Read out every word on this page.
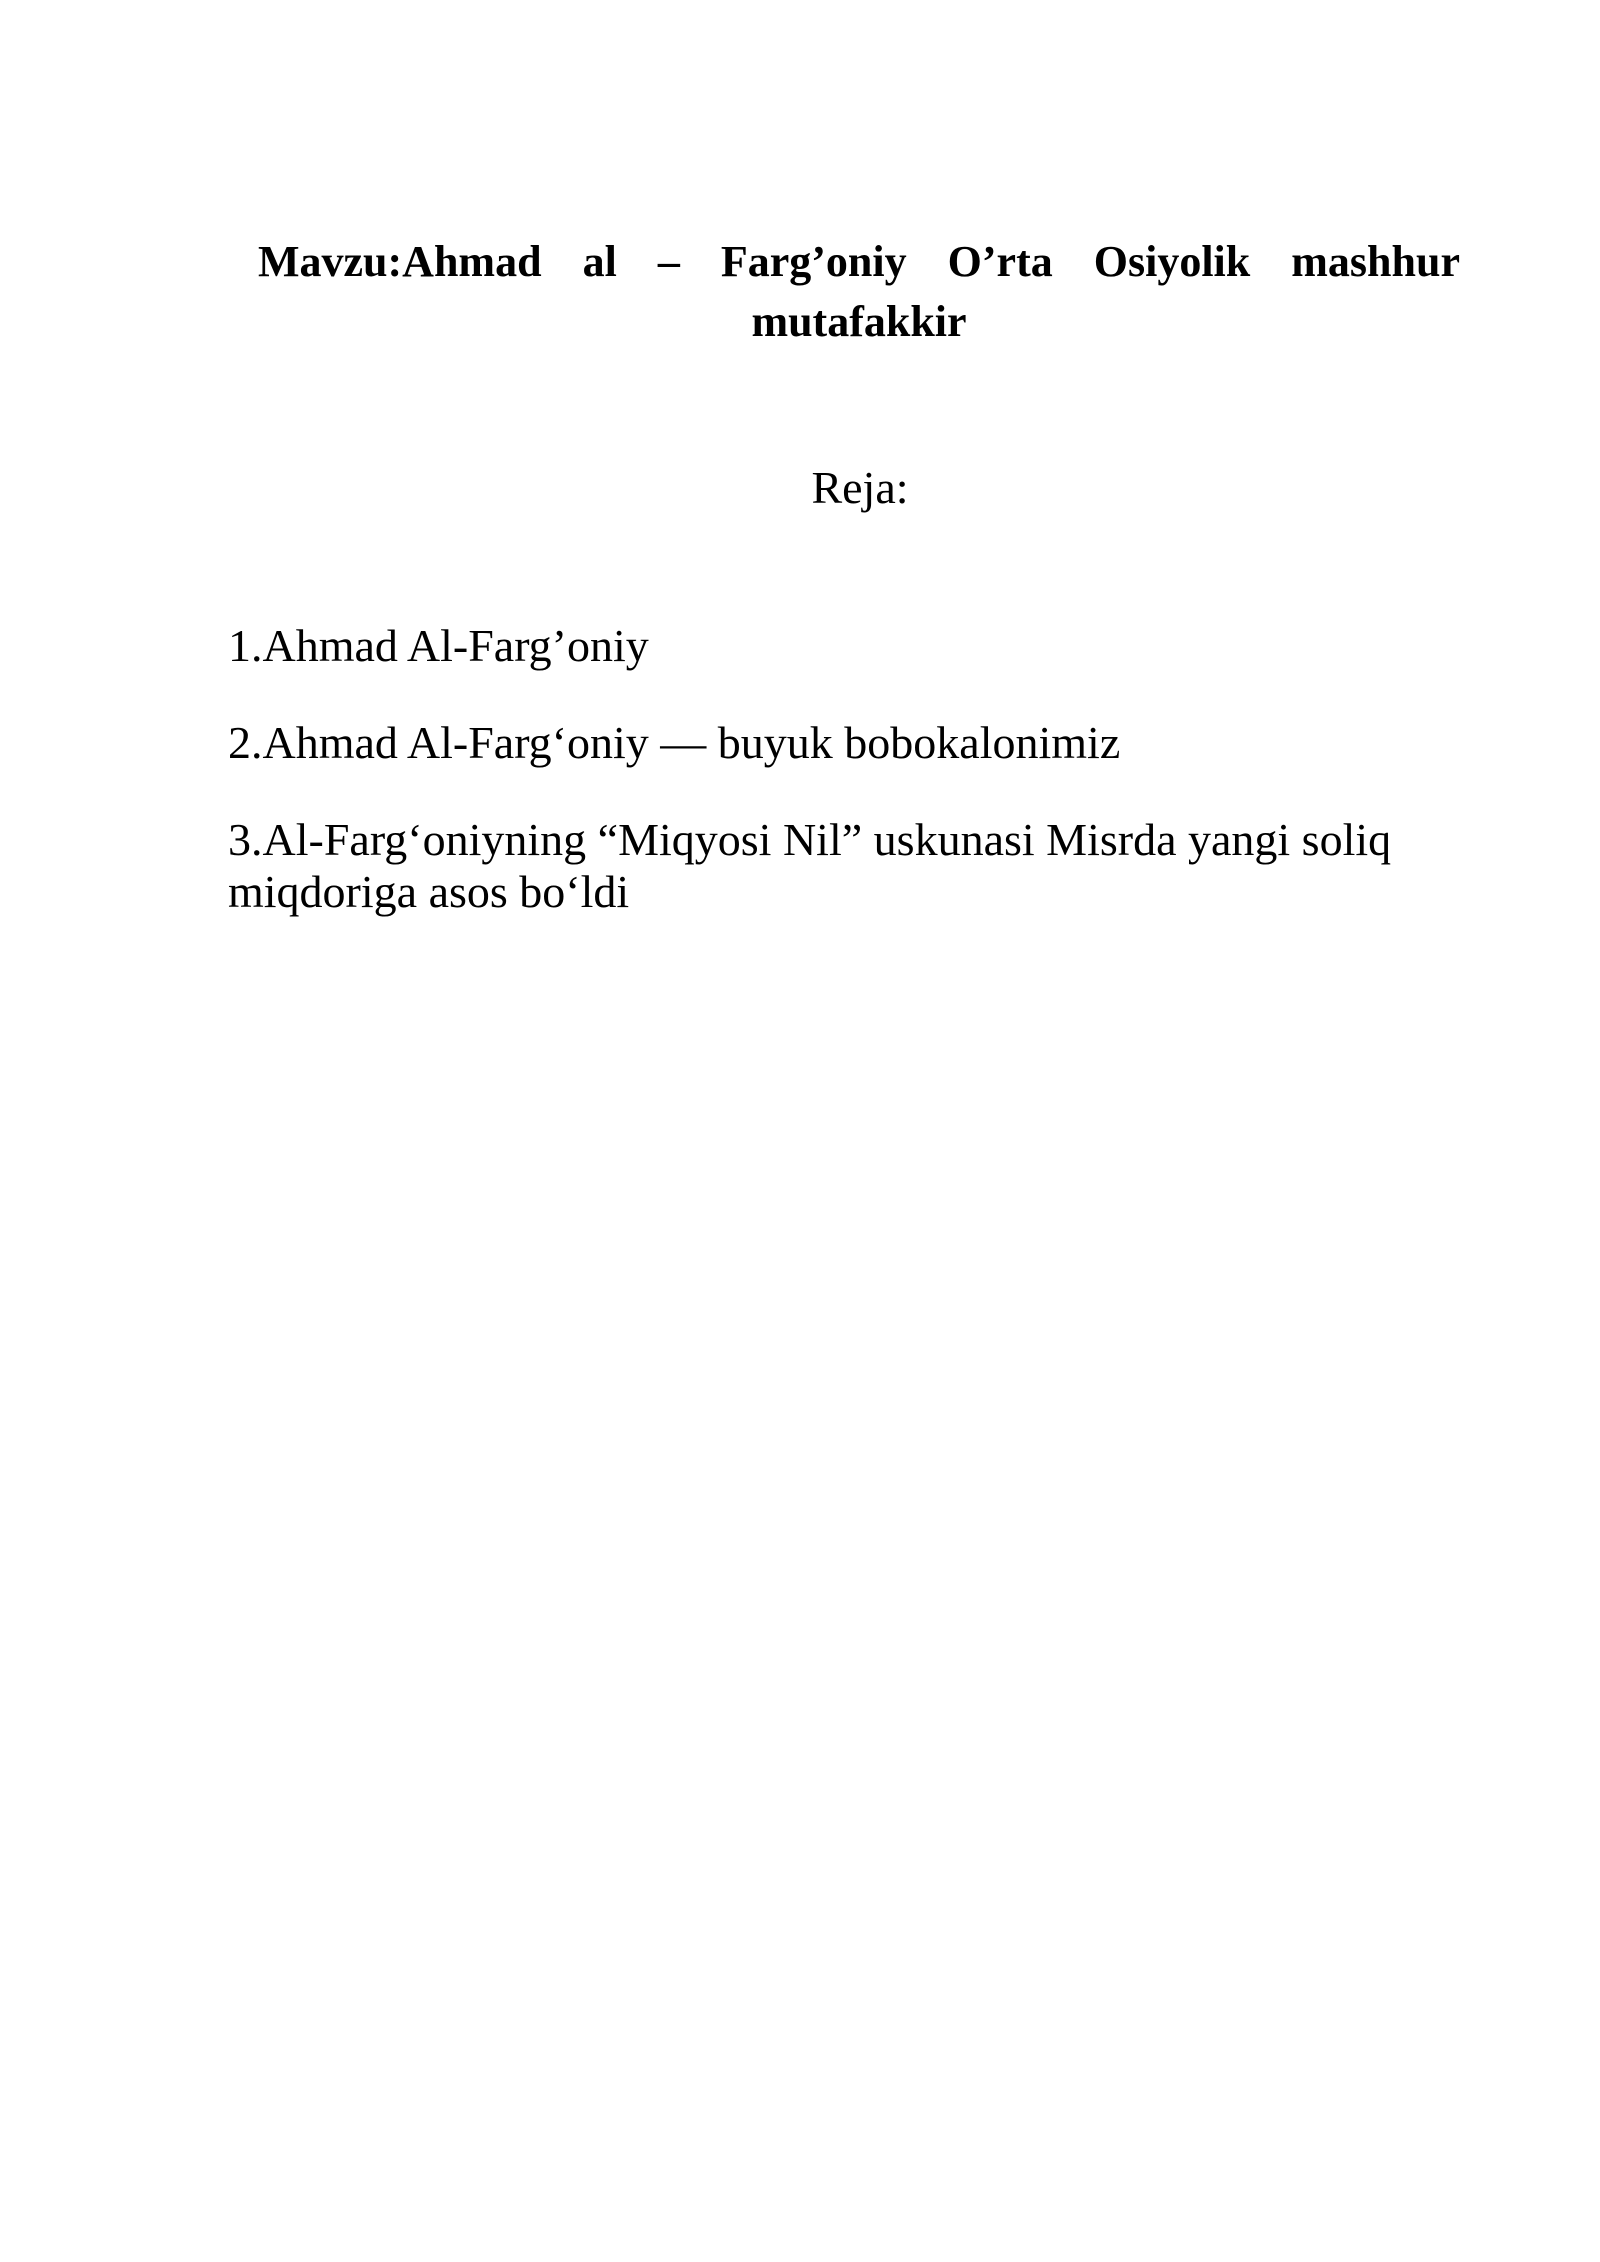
Mavzu:Ahmad al – Farg’oniy O’rta Osiyolik mashhur mutafakkir

Reja:

1.Ahmad Al-Farg’oniy
2.Ahmad Al-Farg‘oniy — buyuk bobokalonimiz
3.Al-Farg‘oniyning “Miqyosi Nil” uskunasi Misrda yangi soliq miqdoriga asos bo‘ldi
